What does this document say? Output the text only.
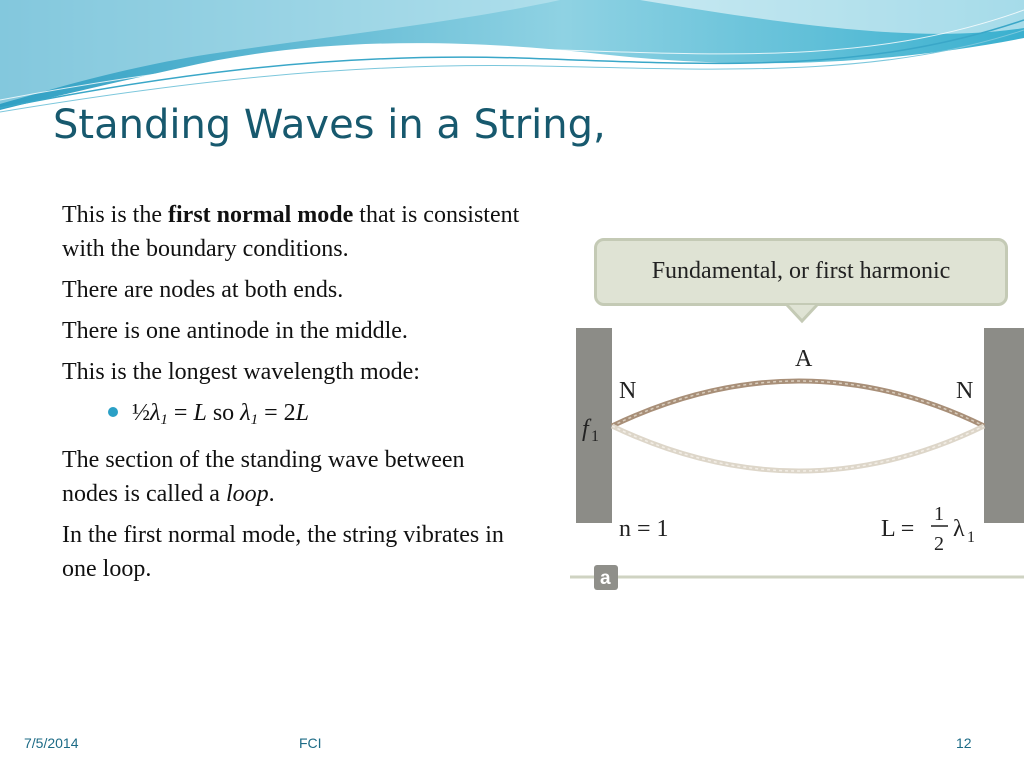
Standing Waves in a String,

This is the first normal mode that is consistent with the boundary conditions.

There are nodes at both ends.

There is one antinode in the middle.

This is the longest wavelength mode:

$\frac{1}{2}\lambda_1 = L$ so $\lambda_1 = 2L$

The section of the standing wave between nodes is called a loop.

In the first normal mode, the string vibrates in one loop.

Fundamental, or first harmonic
A
N	N
f 1
n = 1	L =
1
2
λ 1
a
7/5/2014	FCI	12
